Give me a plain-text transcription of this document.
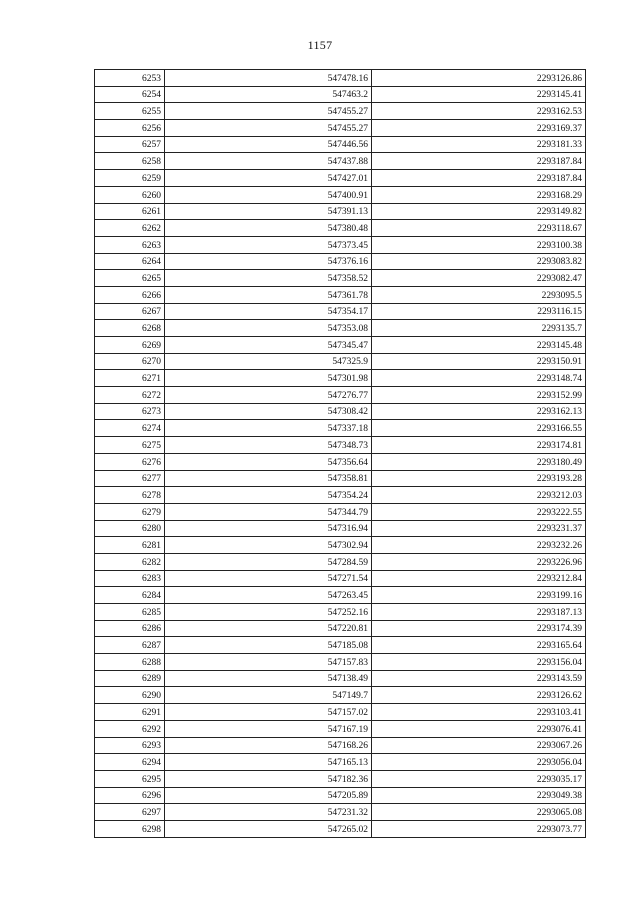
1157
6253	547478.16	2293126.86
6254	547463.2	2293145.41
6255	547455.27	2293162.53
6256	547455.27	2293169.37
6257	547446.56	2293181.33
6258	547437.88	2293187.84
6259	547427.01	2293187.84
6260	547400.91	2293168.29
6261	547391.13	2293149.82
6262	547380.48	2293118.67
6263	547373.45	2293100.38
6264	547376.16	2293083.82
6265	547358.52	2293082.47
6266	547361.78	2293095.5
6267	547354.17	2293116.15
6268	547353.08	2293135.7
6269	547345.47	2293145.48
6270	547325.9	2293150.91
6271	547301.98	2293148.74
6272	547276.77	2293152.99
6273	547308.42	2293162.13
6274	547337.18	2293166.55
6275	547348.73	2293174.81
6276	547356.64	2293180.49
6277	547358.81	2293193.28
6278	547354.24	2293212.03
6279	547344.79	2293222.55
6280	547316.94	2293231.37
6281	547302.94	2293232.26
6282	547284.59	2293226.96
6283	547271.54	2293212.84
6284	547263.45	2293199.16
6285	547252.16	2293187.13
6286	547220.81	2293174.39
6287	547185.08	2293165.64
6288	547157.83	2293156.04
6289	547138.49	2293143.59
6290	547149.7	2293126.62
6291	547157.02	2293103.41
6292	547167.19	2293076.41
6293	547168.26	2293067.26
6294	547165.13	2293056.04
6295	547182.36	2293035.17
6296	547205.89	2293049.38
6297	547231.32	2293065.08
6298	547265.02	2293073.77
